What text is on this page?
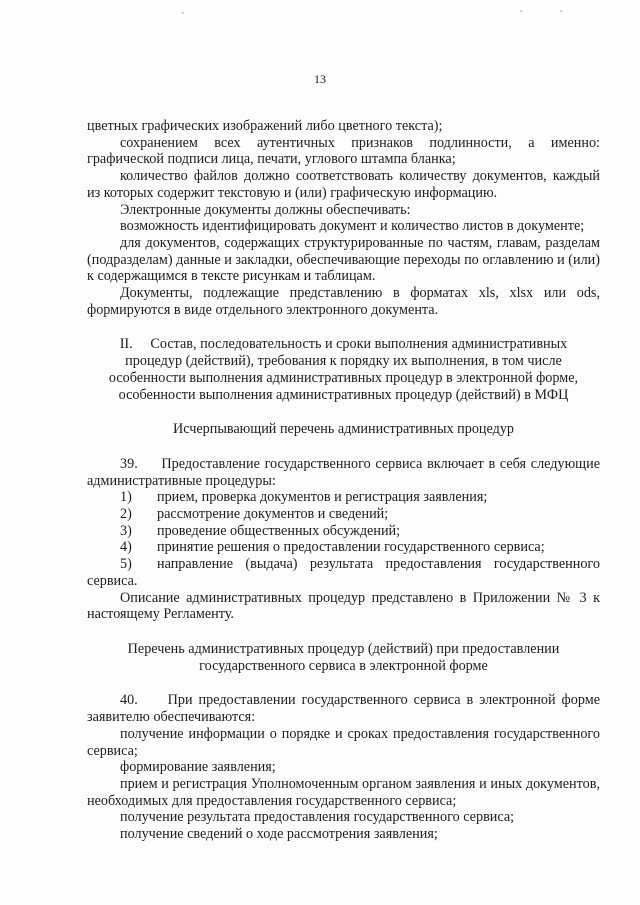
13

цветных графических изображений либо цветного текста);

сохранением всех аутентичных признаков подлинности, а именно: графической подписи лица, печати, углового штампа бланка;

количество файлов должно соответствовать количеству документов, каждый из которых содержит текстовую и (или) графическую информацию.

Электронные документы должны обеспечивать:

возможность идентифицировать документ и количество листов в документе;

для документов, содержащих структурированные по частям, главам, разделам (подразделам) данные и закладки, обеспечивающие переходы по оглавлению и (или) к содержащимся в тексте рисункам и таблицам.

Документы, подлежащие представлению в форматах xls, xlsx или ods, формируются в виде отдельного электронного документа.

II.     Состав, последовательность и сроки выполнения административных

процедур (действий), требования к порядку их выполнения, в том числе

особенности выполнения административных процедур в электронной форме,

особенности выполнения административных процедур (действий) в МФЦ

Исчерпывающий перечень административных процедур

39.     Предоставление государственного сервиса включает в себя следующие административные процедуры:

1)	прием, проверка документов и регистрация заявления;
2)	рассмотрение документов и сведений;
3)	проведение общественных обсуждений;
4)	принятие решения о предоставлении государственного сервиса;

5) направление (выдача) результата предоставления государственного сервиса.

Описание административных процедур представлено в Приложении № 3 к настоящему Регламенту.

Перечень административных процедур (действий) при предоставлении

государственного сервиса в электронной форме

40.     При предоставлении государственного сервиса в электронной форме заявителю обеспечиваются:

получение информации о порядке и сроках предоставления государственного сервиса;

формирование заявления;

прием и регистрация Уполномоченным органом заявления и иных документов, необходимых для предоставления государственного сервиса;

получение результата предоставления государственного сервиса;

получение сведений о ходе рассмотрения заявления;
